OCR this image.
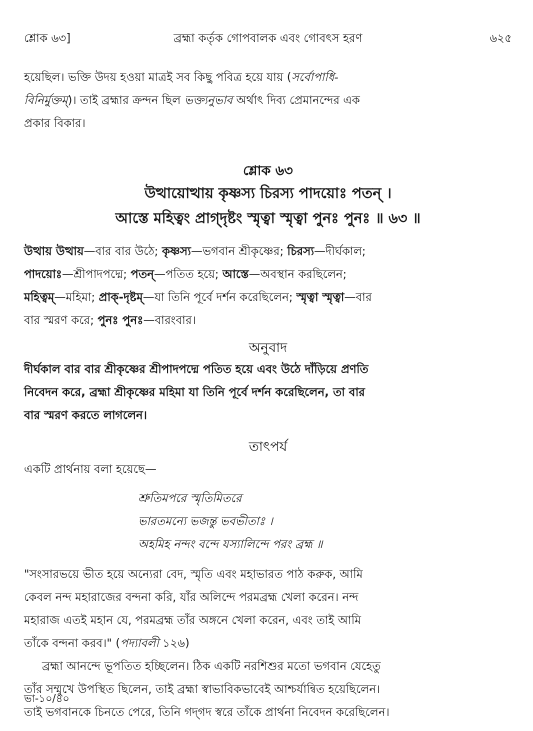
শ্লোক ৬৩]	ব্রহ্মা কর্তৃক গোপবালক এবং গোবৎস হরণ	৬২৫
হয়েছিল। ভক্তি উদয় হওয়া মাত্রই সব কিছু পবিত্র হয়ে যায় (সর্বোপাধি-
বিনির্মুক্তম্)। তাই ব্রহ্মার ক্রন্দন ছিল ভক্ত্যনুভাব অর্থাৎ দিব্য প্রেমানন্দের এক
প্রকার বিকার।
শ্লোক ৬৩
উত্থায়োত্থায় কৃষ্ণস্য চিরস্য পাদয়োঃ পতন্ ।
আস্তে মহিত্বং প্রাগ্‌দৃষ্টং স্মৃত্বা স্মৃত্বা পুনঃ পুনঃ ॥ ৬৩ ॥
উত্থায় উত্থায়—বার বার উঠে; কৃষ্ণস্য—ভগবান শ্রীকৃষ্ণের; চিরস্য—দীর্ঘকাল;
পাদয়োঃ—শ্রীপাদপদ্মে; পতন্—পতিত হয়ে; আস্তে—অবস্থান করছিলেন;
মহিত্বম্—মহিমা; প্রাক্-দৃষ্টম্—যা তিনি পূর্বে দর্শন করেছিলেন; স্মৃত্বা স্মৃত্বা—বার
বার স্মরণ করে; পুনঃ পুনঃ—বারংবার।
অনুবাদ
দীর্ঘকাল বার বার শ্রীকৃষ্ণের শ্রীপাদপদ্মে পতিত হয়ে এবং উঠে দাঁড়িয়ে প্রণতি
নিবেদন করে, ব্রহ্মা শ্রীকৃষ্ণের মহিমা যা তিনি পূর্বে দর্শন করেছিলেন, তা বার
বার স্মরণ করতে লাগলেন।
তাৎপর্য
একটি প্রার্থনায় বলা হয়েছে—
শ্রুতিমপরে স্মৃতিমিতরে
ভারতমন্যে ভজন্তু ভবভীতাঃ ।
অহমিহ নন্দং বন্দে যস্যালিন্দে পরং ব্রহ্ম ॥
"সংসারভয়ে ভীত হয়ে অন্যেরা বেদ, স্মৃতি এবং মহাভারত পাঠ করুক, আমি
কেবল নন্দ মহারাজের বন্দনা করি, যাঁর অলিন্দে পরমব্রহ্ম খেলা করেন। নন্দ
মহারাজ এতই মহান যে, পরমব্রহ্ম তাঁর অঙ্গনে খেলা করেন, এবং তাই আমি
তাঁকে বন্দনা করব।" (পদ্যাবলী ১২৬)
ব্রহ্মা আনন্দে ভূপতিত হচ্ছিলেন। ঠিক একটি নরশিশুর মতো ভগবান যেহেতু
তাঁর সম্মুখে উপস্থিত ছিলেন, তাই ব্রহ্মা স্বাভাবিকভাবেই আশ্চর্যান্বিত হয়েছিলেন।
তাই ভগবানকে চিনতে পেরে, তিনি গদ্‌গদ স্বরে তাঁকে প্রার্থনা নিবেদন করেছিলেন।
ভা-১০/৪০
